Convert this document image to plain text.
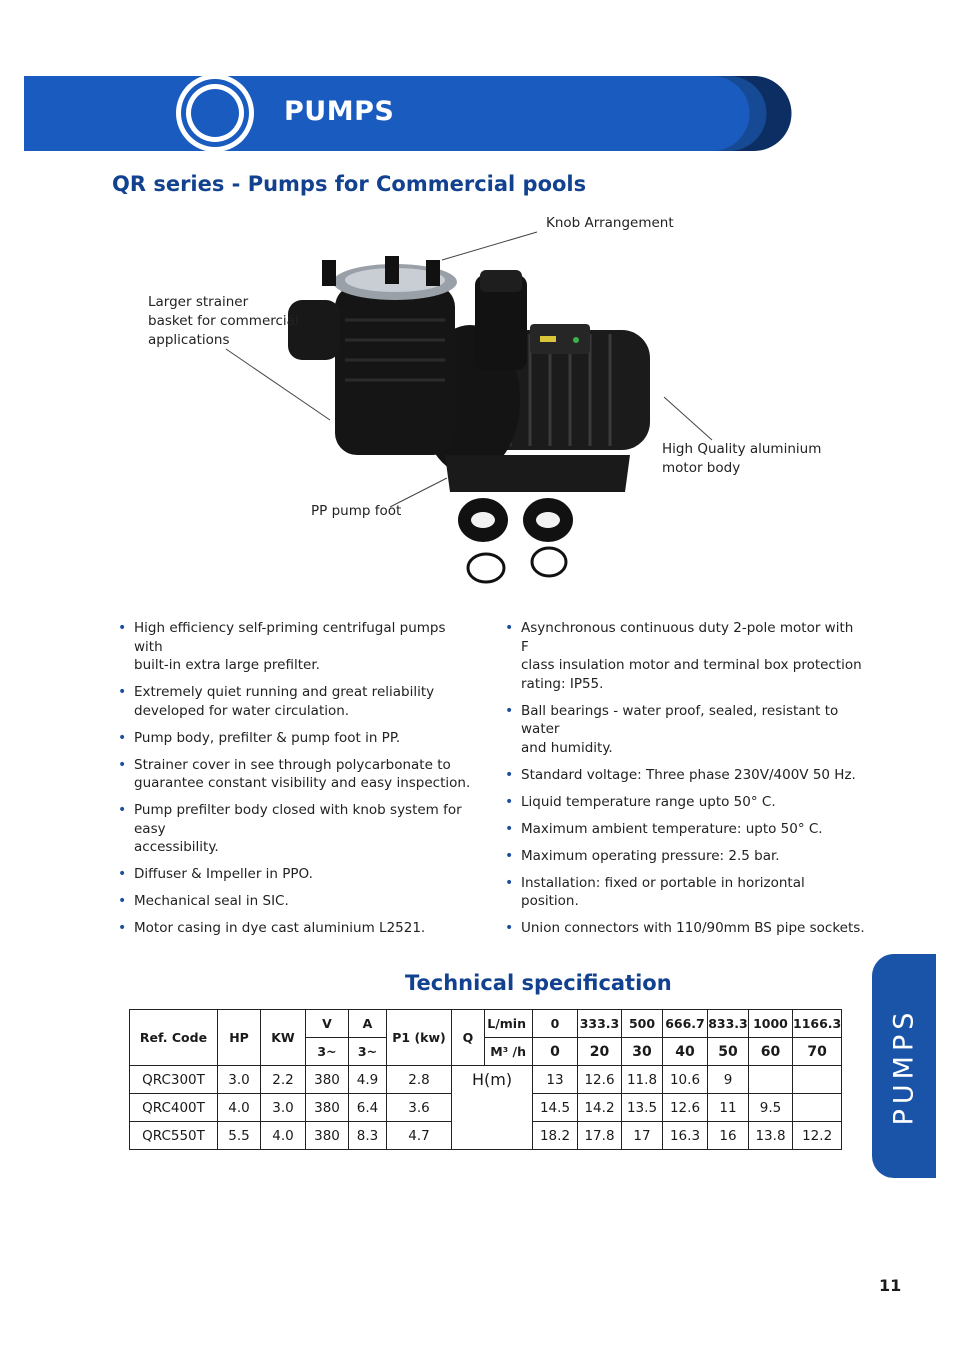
PUMPS
QR series - Pumps for Commercial pools
Knob Arrangement
Larger strainer
basket for commercial
applications
High Quality aluminium
motor body
PP pump foot
• High efficiency self-priming centrifugal pumps with
built-in extra large prefilter.
• Extremely quiet running and great reliability
developed for water circulation.
• Pump body, prefilter & pump foot in PP.
• Strainer cover in see through polycarbonate to
guarantee constant visibility and easy inspection.
• Pump prefilter body closed with knob system for easy
accessibility.
• Diffuser & Impeller in PPO.
• Mechanical seal in SIC.
• Motor casing in dye cast aluminium L2521.
• Asynchronous continuous duty 2-pole motor with F
class insulation motor and terminal box protection
rating: IP55.
• Ball bearings - water proof, sealed, resistant to water
and humidity.
• Standard voltage: Three phase 230V/400V 50 Hz.
• Liquid temperature range upto 50° C.
• Maximum ambient temperature: upto 50° C.
• Maximum operating pressure: 2.5 bar.
• Installation: fixed or portable in horizontal position.
• Union connectors with 110/90mm BS pipe sockets.
Technical specification
Ref. Code	HP	KW	V	A	P1 (kw)	Q	L/min	0	333.3	500	666.7	833.3	1000	1166.3
			3~	3~			M³ /h	0	20	30	40	50	60	70
QRC300T	3.0	2.2	380	4.9	2.8	H(m)		13	12.6	11.8	10.6	9		
QRC400T	4.0	3.0	380	6.4	3.6			14.5	14.2	13.5	12.6	11	9.5	
QRC550T	5.5	4.0	380	8.3	4.7			18.2	17.8	17	16.3	16	13.8	12.2
PUMPS
11
